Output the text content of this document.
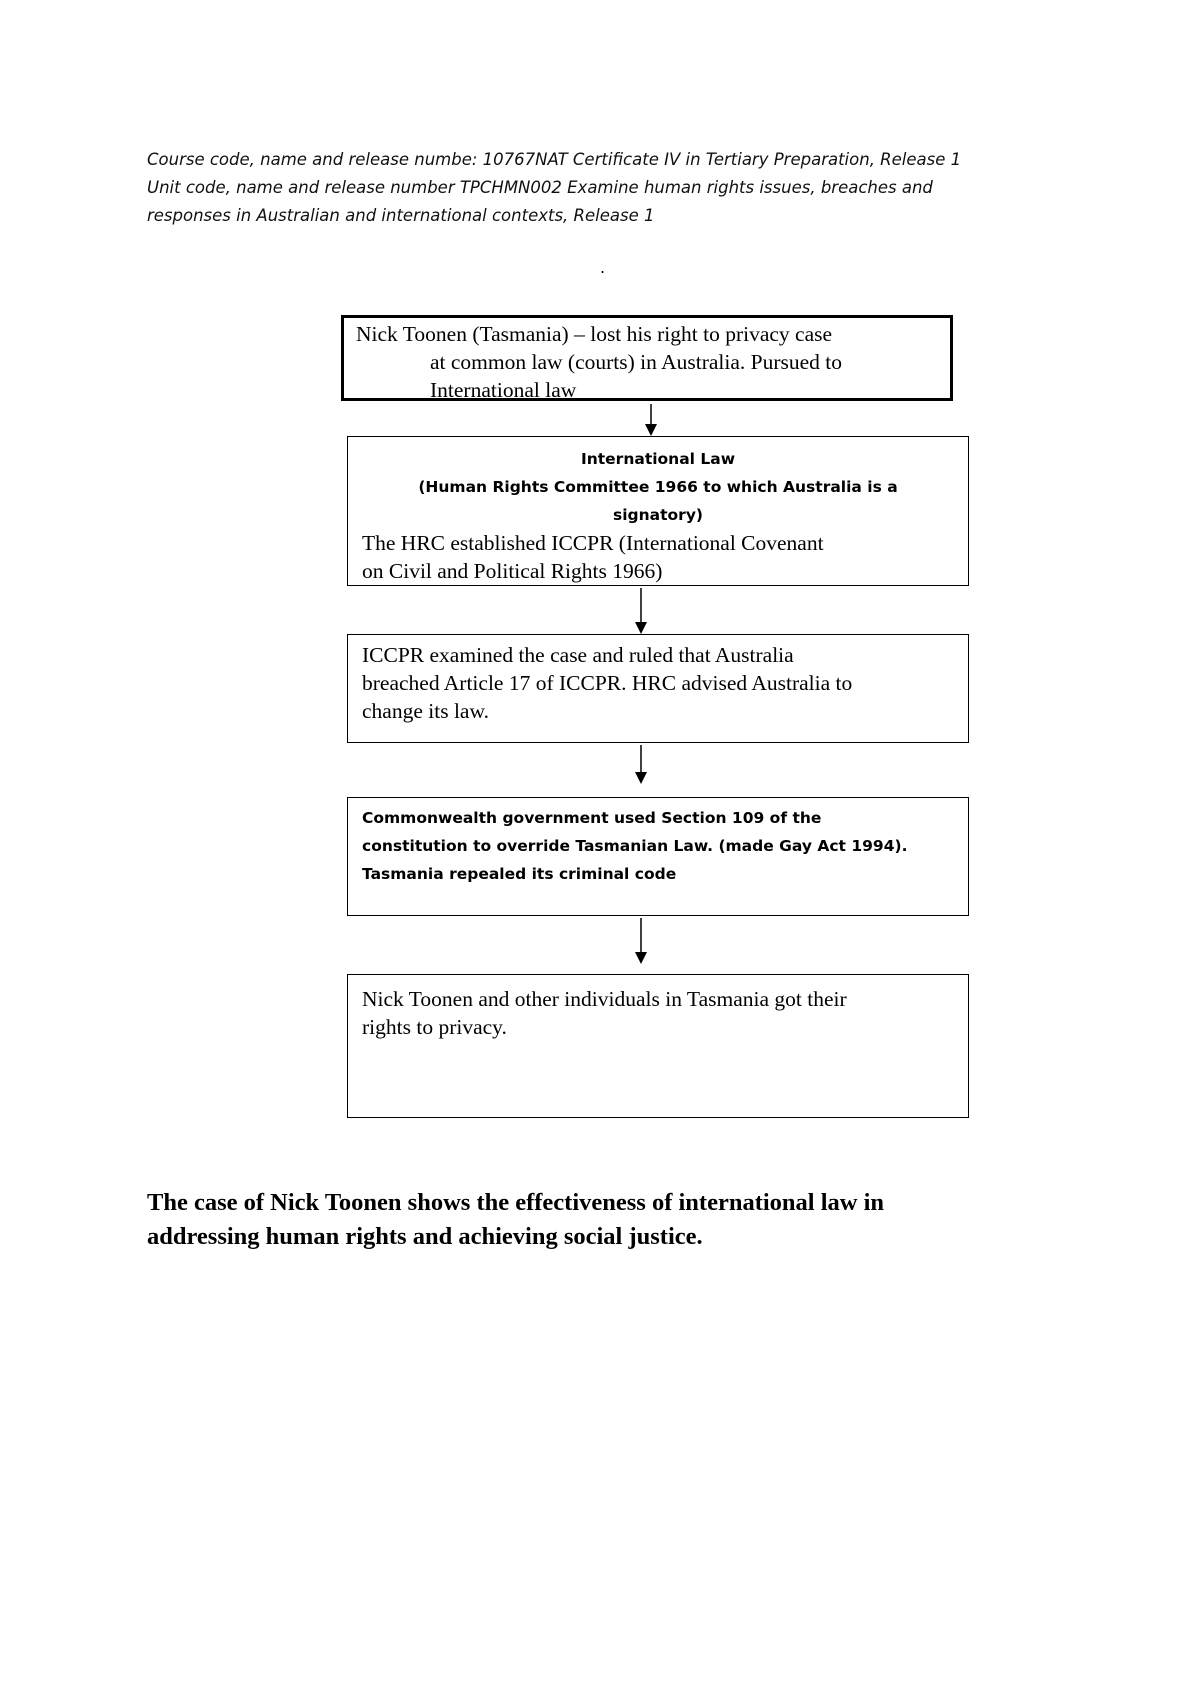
Course code, name and release numbe: 10767NAT Certificate IV in Tertiary Preparation, Release 1
Unit code, name and release number TPCHMN002 Examine human rights issues, breaches and
responses in Australian and international contexts, Release 1
.
Nick Toonen (Tasmania) – lost his right to privacy case
at common law (courts) in Australia. Pursued to
International law
International Law
(Human Rights Committee 1966 to which Australia is a
signatory)
The HRC established ICCPR (International Covenant
on Civil and Political Rights 1966)
ICCPR examined the case and ruled that Australia
breached Article 17 of ICCPR. HRC advised Australia to
change its law.
Commonwealth government used Section 109 of the
constitution to override Tasmanian Law. (made Gay Act 1994).
Tasmania repealed its criminal code
Nick Toonen and other individuals in Tasmania got their
rights to privacy.
The case of Nick Toonen shows the effectiveness of international law in
addressing human rights and achieving social justice.
